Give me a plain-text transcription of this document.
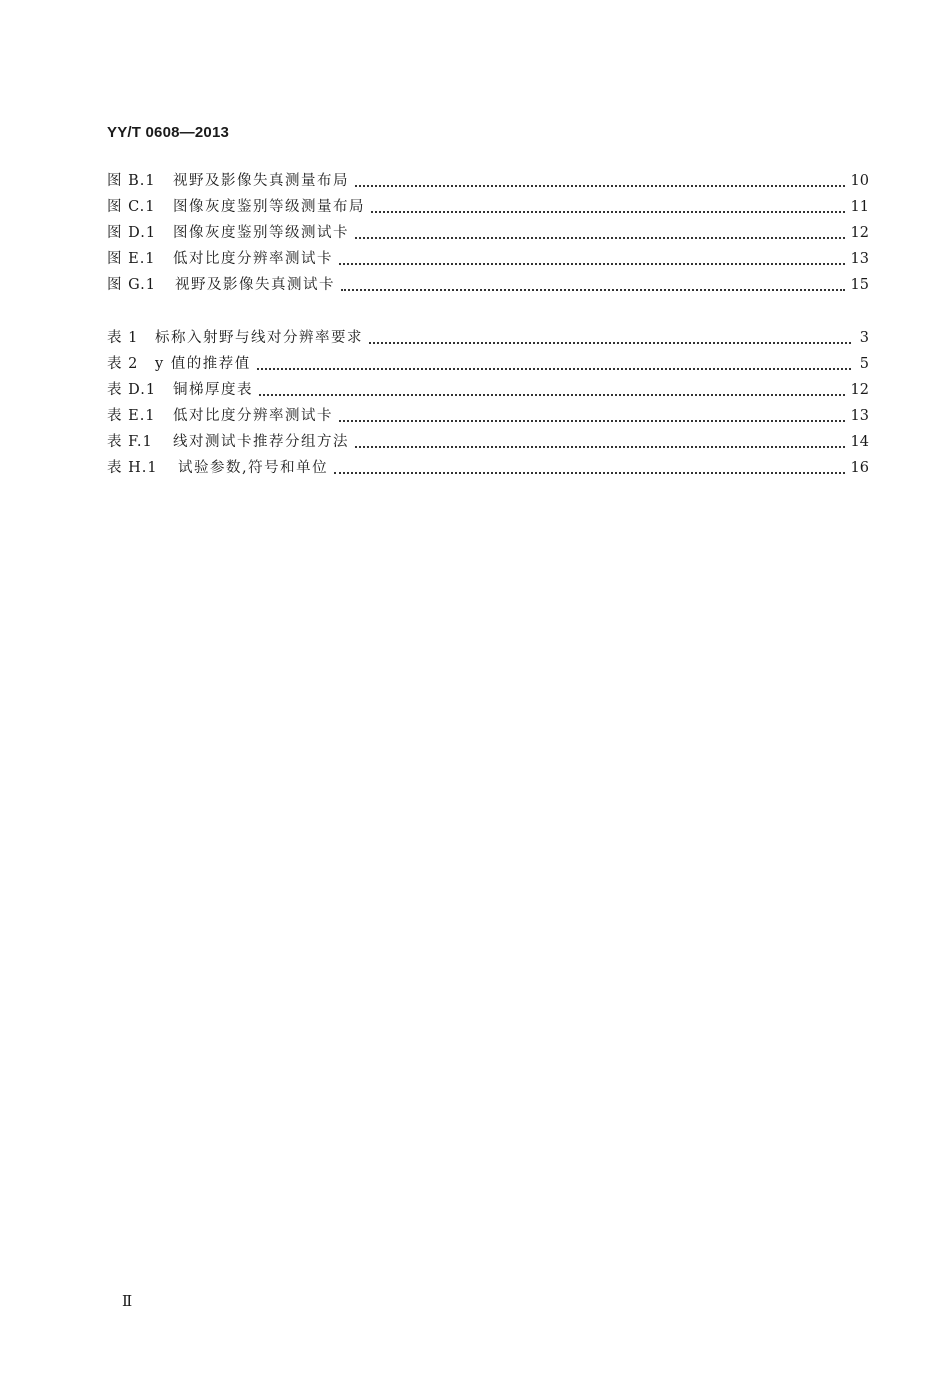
YY/T 0608—2013
图 B.1	视野及影像失真测量布局	10
图 C.1	图像灰度鉴别等级测量布局	11
图 D.1	图像灰度鉴别等级测试卡	12
图 E.1	低对比度分辨率测试卡	13
图 G.1	视野及影像失真测试卡	15
表 1	标称入射野与线对分辨率要求	3
表 2	y 值的推荐值	5
表 D.1	铜梯厚度表	12
表 E.1	低对比度分辨率测试卡	13
表 F.1	线对测试卡推荐分组方法	14
表 H.1	试验参数,符号和单位	16
Ⅱ
